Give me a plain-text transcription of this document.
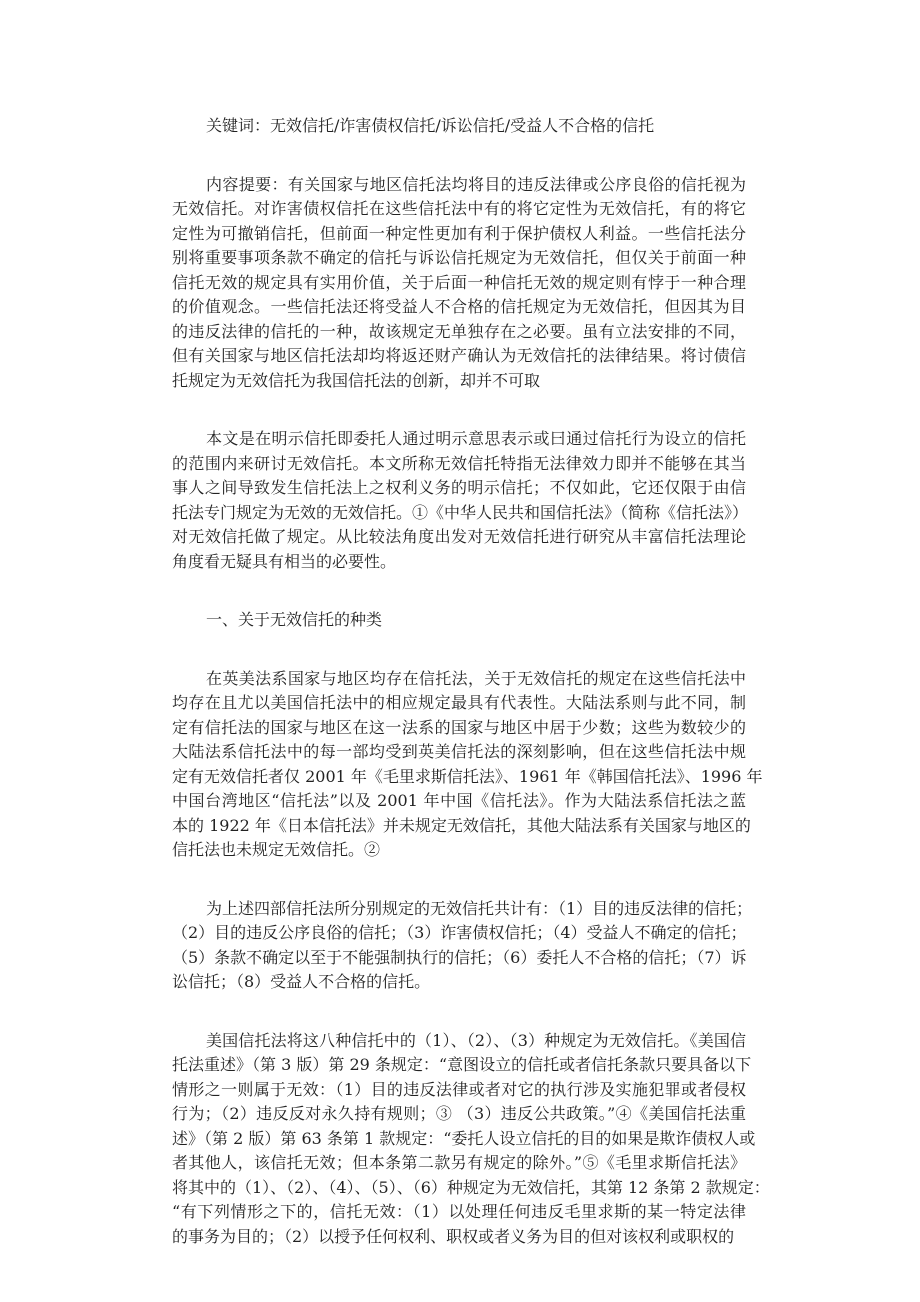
关键词：无效信托/诈害债权信托/诉讼信托/受益人不合格的信托

内容提要：有关国家与地区信托法均将目的违反法律或公序良俗的信托视为
无效信托。对诈害债权信托在这些信托法中有的将它定性为无效信托，有的将它
定性为可撤销信托，但前面一种定性更加有利于保护债权人利益。一些信托法分
别将重要事项条款不确定的信托与诉讼信托规定为无效信托，但仅关于前面一种
信托无效的规定具有实用价值，关于后面一种信托无效的规定则有悖于一种合理
的价值观念。一些信托法还将受益人不合格的信托规定为无效信托，但因其为目
的违反法律的信托的一种，故该规定无单独存在之必要。虽有立法安排的不同，
但有关国家与地区信托法却均将返还财产确认为无效信托的法律结果。将讨债信
托规定为无效信托为我国信托法的创新，却并不可取

本文是在明示信托即委托人通过明示意思表示或曰通过信托行为设立的信托
的范围内来研讨无效信托。本文所称无效信托特指无法律效力即并不能够在其当
事人之间导致发生信托法上之权利义务的明示信托；不仅如此，它还仅限于由信
托法专门规定为无效的无效信托。①《中华人民共和国信托法》（简称《信托法》）
对无效信托做了规定。从比较法角度出发对无效信托进行研究从丰富信托法理论
角度看无疑具有相当的必要性。

一、关于无效信托的种类

在英美法系国家与地区均存在信托法，关于无效信托的规定在这些信托法中
均存在且尤以美国信托法中的相应规定最具有代表性。大陆法系则与此不同，制
定有信托法的国家与地区在这一法系的国家与地区中居于少数；这些为数较少的
大陆法系信托法中的每一部均受到英美信托法的深刻影响，但在这些信托法中规
定有无效信托者仅 2001 年《毛里求斯信托法》、1961 年《韩国信托法》、1996 年
中国台湾地区“信托法”以及 2001 年中国《信托法》。作为大陆法系信托法之蓝
本的 1922 年《日本信托法》并未规定无效信托，其他大陆法系有关国家与地区的
信托法也未规定无效信托。②

为上述四部信托法所分别规定的无效信托共计有：（1）目的违反法律的信托；
（2）目的违反公序良俗的信托；（3）诈害债权信托；（4）受益人不确定的信托；
（5）条款不确定以至于不能强制执行的信托；（6）委托人不合格的信托；（7）诉
讼信托；（8）受益人不合格的信托。

美国信托法将这八种信托中的（1）、（2）、（3）种规定为无效信托。《美国信
托法重述》（第 3 版）第 29 条规定：“意图设立的信托或者信托条款只要具备以下
情形之一则属于无效：（1）目的违反法律或者对它的执行涉及实施犯罪或者侵权
行为；（2）违反反对永久持有规则；③ （3）违反公共政策。”④《美国信托法重
述》（第 2 版）第 63 条第 1 款规定：“委托人设立信托的目的如果是欺诈债权人或
者其他人，该信托无效；但本条第二款另有规定的除外。”⑤《毛里求斯信托法》
将其中的（1）、（2）、（4）、（5）、（6）种规定为无效信托，其第 12 条第 2 款规定：
“有下列情形之下的，信托无效：（1）以处理任何违反毛里求斯的某一特定法律
的事务为目的；（2）以授予任何权利、职权或者义务为目的但对该权利或职权的
